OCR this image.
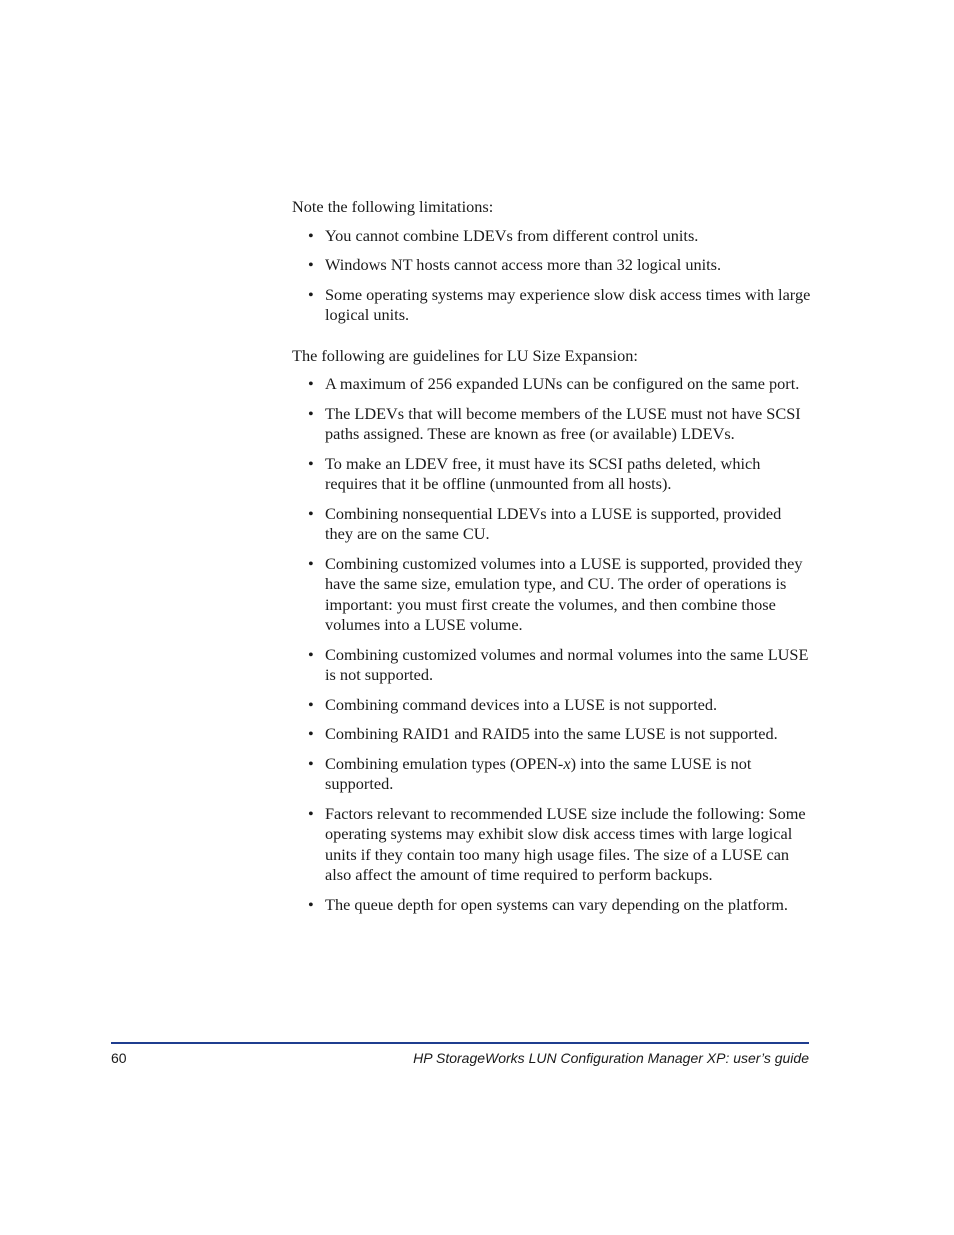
Note the following limitations:

• You cannot combine LDEVs from different control units.
• Windows NT hosts cannot access more than 32 logical units.
• Some operating systems may experience slow disk access times with large logical units.

The following are guidelines for LU Size Expansion:

• A maximum of 256 expanded LUNs can be configured on the same port.
• The LDEVs that will become members of the LUSE must not have SCSI paths assigned. These are known as free (or available) LDEVs.
• To make an LDEV free, it must have its SCSI paths deleted, which requires that it be offline (unmounted from all hosts).
• Combining nonsequential LDEVs into a LUSE is supported, provided they are on the same CU.
• Combining customized volumes into a LUSE is supported, provided they have the same size, emulation type, and CU. The order of operations is important: you must first create the volumes, and then combine those volumes into a LUSE volume.
• Combining customized volumes and normal volumes into the same LUSE is not supported.
• Combining command devices into a LUSE is not supported.
• Combining RAID1 and RAID5 into the same LUSE is not supported.
• Combining emulation types (OPEN-x) into the same LUSE is not supported.
• Factors relevant to recommended LUSE size include the following: Some operating systems may exhibit slow disk access times with large logical units if they contain too many high usage files. The size of a LUSE can also affect the amount of time required to perform backups.
• The queue depth for open systems can vary depending on the platform.
60	HP StorageWorks LUN Configuration Manager XP: user’s guide
